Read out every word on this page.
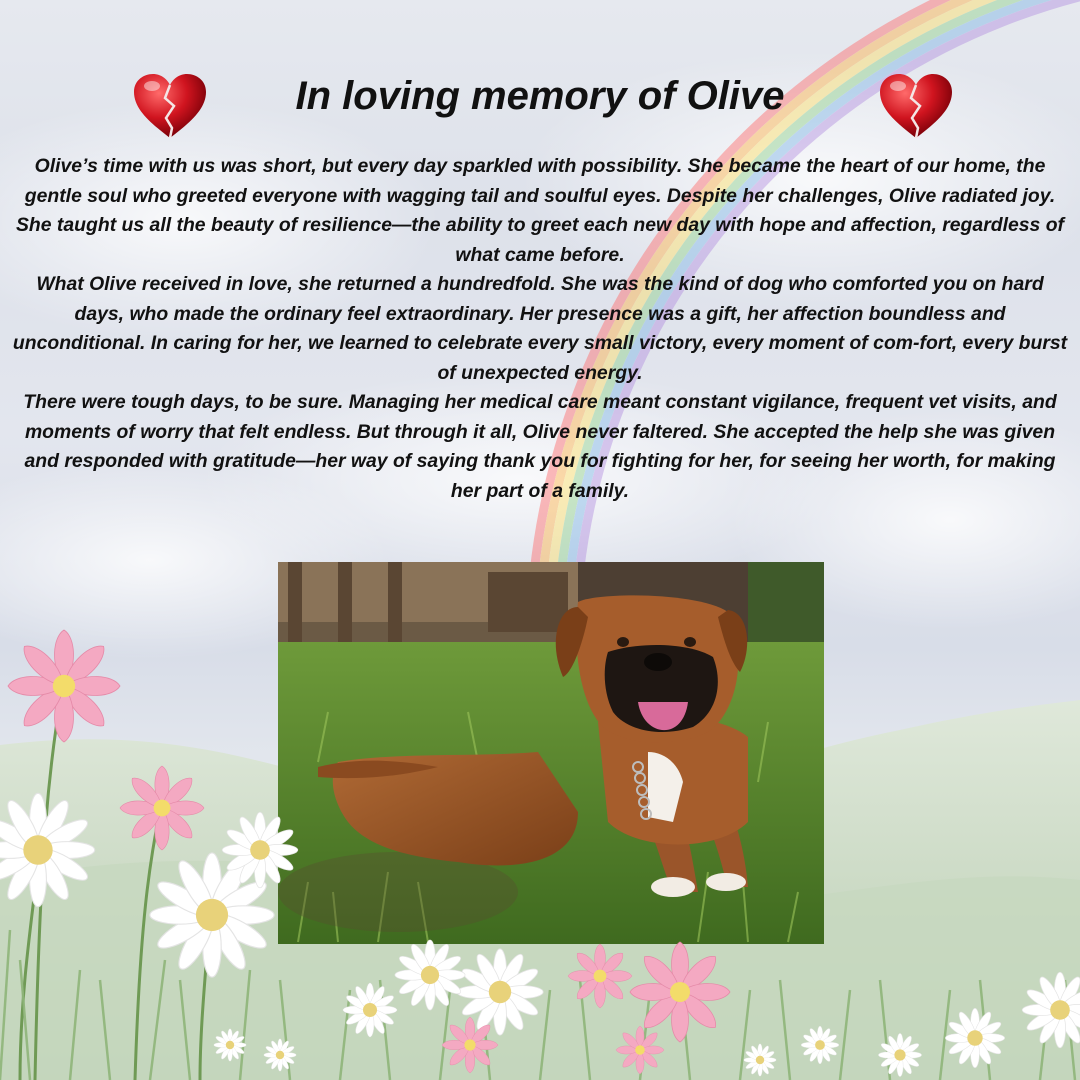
In loving memory of Olive

Olive’s time with us was short, but every day sparkled with possibility. She became the heart of our home, the gentle soul who greeted everyone with wagging tail and soulful eyes. Despite her challenges, Olive radiated joy. She taught us all the beauty of resilience—the ability to greet each new day with hope and affection, regardless of what came before.

What Olive received in love, she returned a hundredfold. She was the kind of dog who comforted you on hard days, who made the ordinary feel extraordinary. Her presence was a gift, her affection boundless and unconditional. In caring for her, we learned to celebrate every small victory, every moment of com-fort, every burst of unexpected energy.

There were tough days, to be sure. Managing her medical care meant constant vigilance, frequent vet visits, and moments of worry that felt endless. But through it all, Olive never faltered. She accepted the help she was given and responded with gratitude—her way of saying thank you for fighting for her, for seeing her worth, for making her part of a family.
